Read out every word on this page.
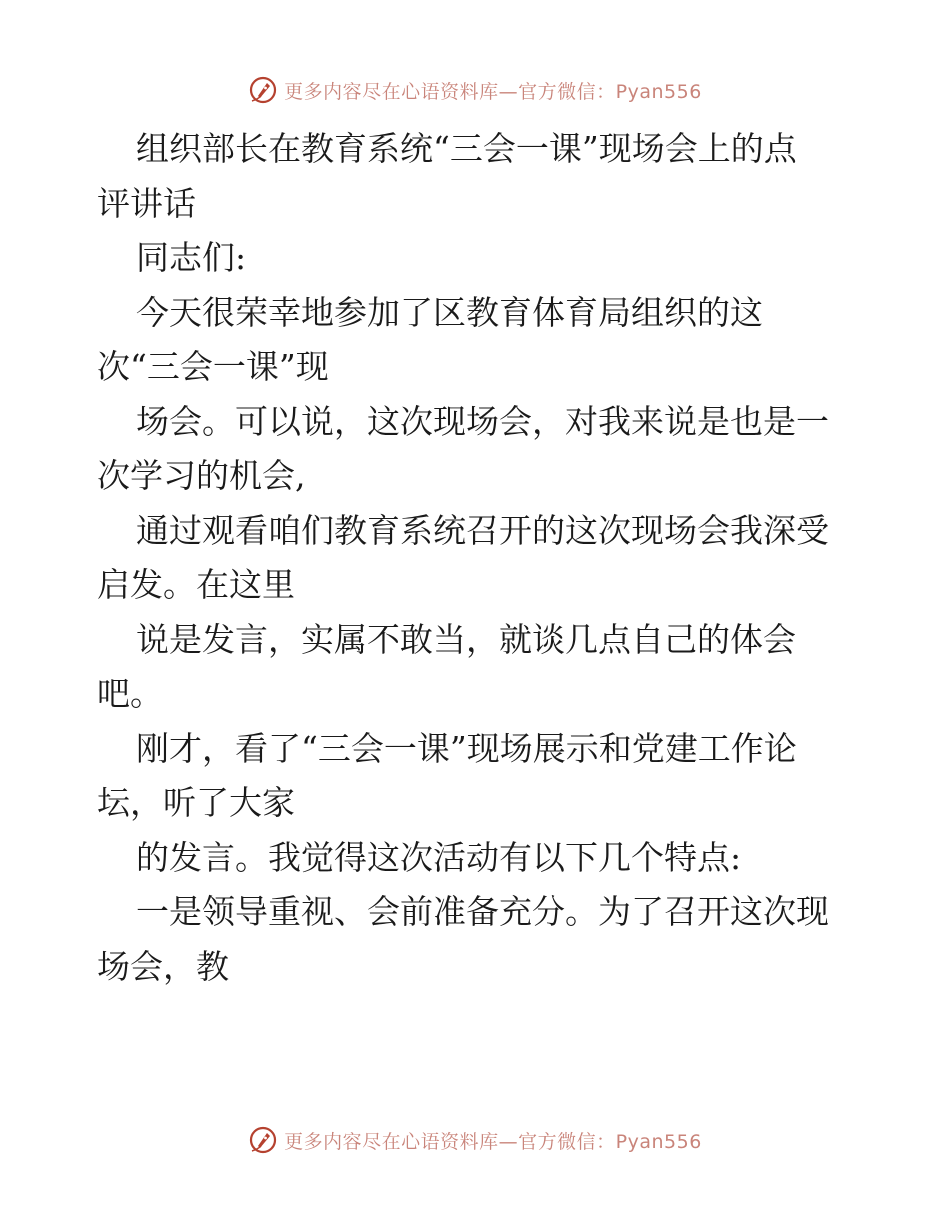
更多内容尽在心语资料库—官方微信：Pyan556
组织部长在教育系统“三会一课”现场会上的点
评讲话
同志们:
今天很荣幸地参加了区教育体育局组织的这
次“三会一课”现
场会。可以说，这次现场会，对我来说是也是一
次学习的机会,
通过观看咱们教育系统召开的这次现场会我深受
启发。在这里
说是发言，实属不敢当，就谈几点自己的体会
吧。
刚才，看了“三会一课”现场展示和党建工作论
坛，听了大家
的发言。我觉得这次活动有以下几个特点:
一是领导重视、会前准备充分。为了召开这次现
场会，教
更多内容尽在心语资料库—官方微信：Pyan556
